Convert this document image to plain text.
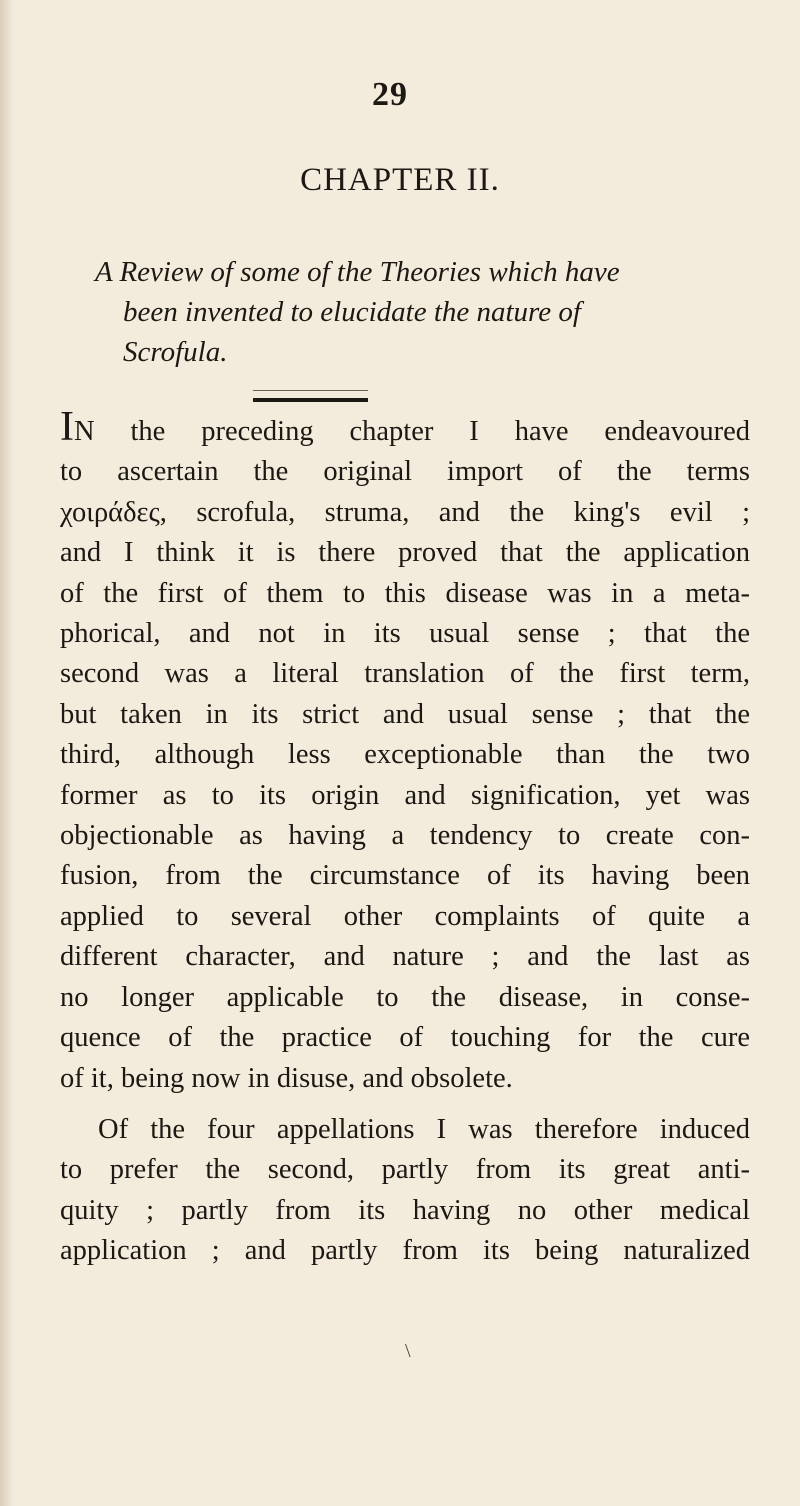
29
CHAPTER II.
A Review of some of the Theories which have
been invented to elucidate the nature of
Scrofula.
IN the preceding chapter I have endeavoured
to ascertain the original import of the terms
χοιράδες, scrofula, struma, and the king's evil ;
and I think it is there proved that the application
of the first of them to this disease was in a meta-
phorical, and not in its usual sense ; that the
second was a literal translation of the first term,
but taken in its strict and usual sense ; that the
third, although less exceptionable than the two
former as to its origin and signification, yet was
objectionable as having a tendency to create con-
fusion, from the circumstance of its having been
applied to several other complaints of quite a
different character, and nature ; and the last as
no longer applicable to the disease, in conse-
quence of the practice of touching for the cure
of it, being now in disuse, and obsolete.
Of the four appellations I was therefore induced
to prefer the second, partly from its great anti-
quity ; partly from its having no other medical
application ; and partly from its being naturalized
\
